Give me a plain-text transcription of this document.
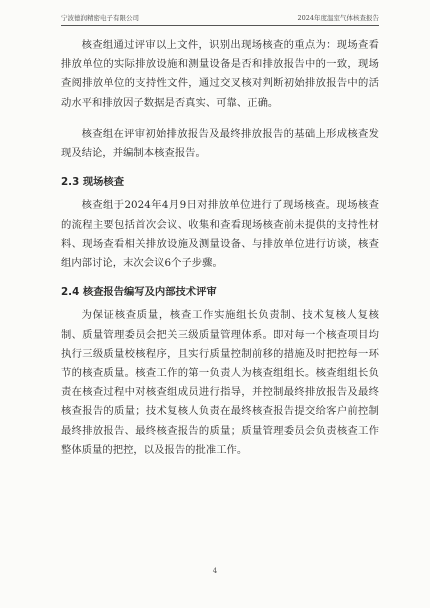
宁波德润精密电子有限公司	2024年度温室气体核查报告

核查组通过评审以上文件，识别出现场核查的重点为：现场查看排放单位的实际排放设施和测量设备是否和排放报告中的一致，现场查阅排放单位的支持性文件，通过交叉核对判断初始排放报告中的活动水平和排放因子数据是否真实、可靠、正确。

核查组在评审初始排放报告及最终排放报告的基础上形成核查发现及结论，并编制本核查报告。

2.3 现场核查

核查组于2024年4月9日对排放单位进行了现场核查。现场核查的流程主要包括首次会议、收集和查看现场核查前未提供的支持性材料、现场查看相关排放设施及测量设备、与排放单位进行访谈，核查组内部讨论，末次会议6个子步骤。

2.4 核查报告编写及内部技术评审

为保证核查质量，核查工作实施组长负责制、技术复核人复核制、质量管理委员会把关三级质量管理体系。即对每一个核查项目均执行三级质量校核程序，且实行质量控制前移的措施及时把控每一环节的核查质量。核查工作的第一负责人为核查组组长。核查组组长负责在核查过程中对核查组成员进行指导，并控制最终排放报告及最终核查报告的质量；技术复核人负责在最终核查报告提交给客户前控制最终排放报告、最终核查报告的质量；质量管理委员会负责核查工作整体质量的把控，以及报告的批准工作。

4
